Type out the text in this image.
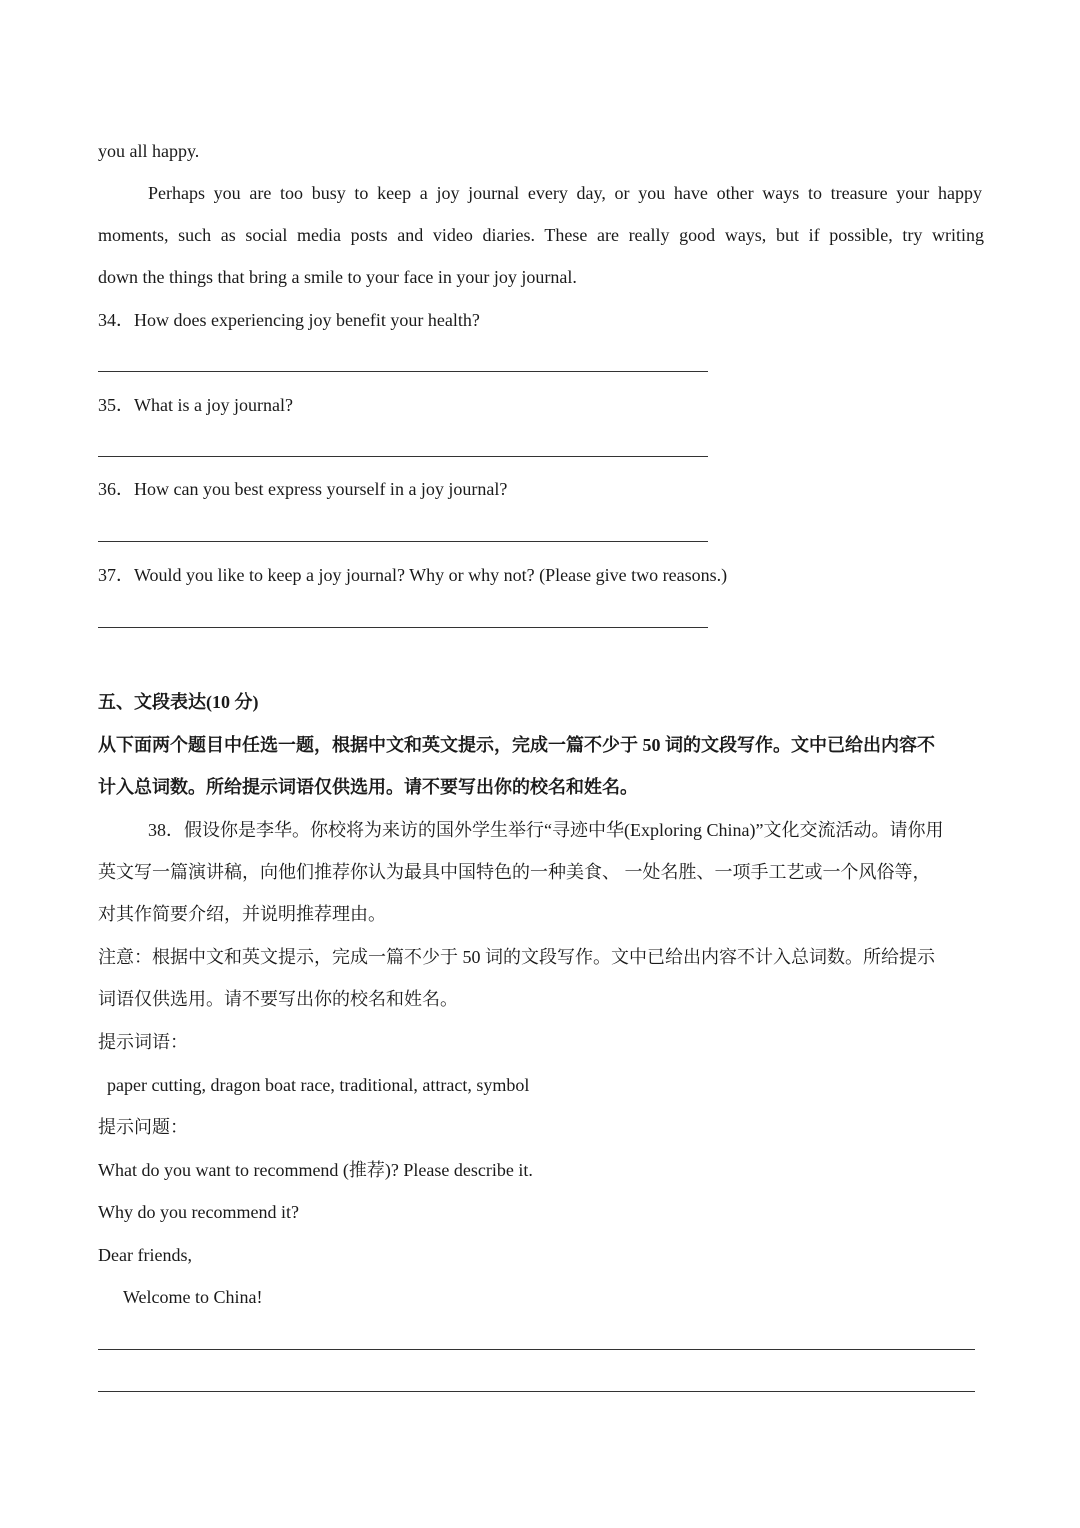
you all happy.
Perhaps you are too busy to keep a joy journal every day, or you have other ways to treasure your happy
moments, such as social media posts and video diaries. These are really good ways, but if possible, try writing
down the things that bring a smile to your face in your joy journal.
34．How does experiencing joy benefit your health?
35．What is a joy journal?
36．How can you best express yourself in a joy journal?
37．Would you like to keep a joy journal? Why or why not? (Please give two reasons.)
五、文段表达(10 分)
从下面两个题目中任选一题，根据中文和英文提示，完成一篇不少于 50 词的文段写作。文中已给出内容不
计入总词数。所给提示词语仅供选用。请不要写出你的校名和姓名。
38．假设你是李华。你校将为来访的国外学生举行“寻迹中华(Exploring China)”文化交流活动。请你用
英文写一篇演讲稿，向他们推荐你认为最具中国特色的一种美食、 一处名胜、一项手工艺或一个风俗等，
对其作简要介绍，并说明推荐理由。
注意：根据中文和英文提示，完成一篇不少于 50 词的文段写作。文中已给出内容不计入总词数。所给提示
词语仅供选用。请不要写出你的校名和姓名。
提示词语：
paper cutting, dragon boat race, traditional, attract, symbol
提示问题：
What do you want to recommend (推荐)? Please describe it.
Why do you recommend it?
Dear friends,
Welcome to China!
